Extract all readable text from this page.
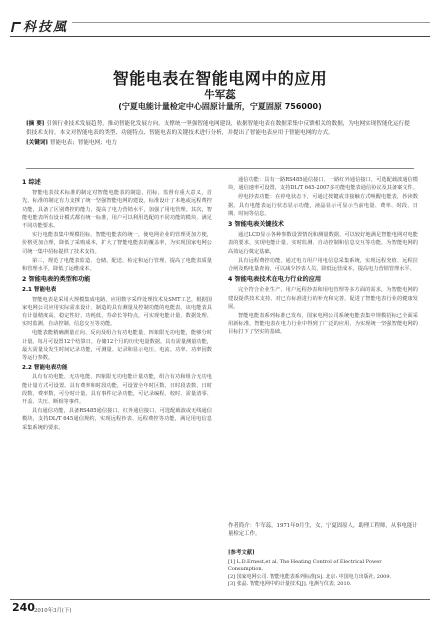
科技風
智能电表在智能电网中的应用
牛军蕊
(宁夏电能计量检定中心固原计量所，宁夏固原 756000)
[摘 要] 引领行业技术发展趋势，推动智能化发展方向，支撑统一坚强智能电网建设，依据智能电表在数据采集中反馈相关的数据，为电网实现智能化运行提供技术支持。本文对智能电表的类型、功能特点、智能电表的关键技术进行分析，并提出了智能电表应用于智能电网的方式。
[关键词] 智能电表；智能电网；电力
1 综述
智能电表技术标准的制定对智能电能表的制造、招标、监督有重大意义，首先，标准的制定有力支撑了统一坚强智能电网的建设。标准设计了本地或远程费控功能，具备了区别费控的能力，提高了电力营销水平，加强了用电管理。其次，智能电能表所有设计模式都有统一标准，用户可以利用选配的不同功能的模块，满足不同功能要求。
实行电能表集中规模招标，智能电能表的统一，使电网企业的管理更加方便，价格更加合理，降低了采购成本，扩大了智能电能表的覆盖率，为实现国家电网公司统一集中招标提供了技术支持。
第三，规范了电能表监造、仓储、配送、检定和运行管理，提高了电能表质量和管理水平，降低了运维成本。
2 智能电表的类型和功能
2.1 智能电表
智能电表是采用大规模集成电路，应用数字采样处理技术及SMT工艺，根据国家电网公司应用实际需求设计、制造的具有测量及控制功能的电能表。该电能表具有计量精度高、稳定性好、功耗低、寿命长等特点，可实现电能计量、数据处理、实时监测、自动控制、信息交互等功能。
电能表能精确测量正向、反向及组合有功电能量，四象限无功电能，能够分时计量。每月可设置12个结算日，存储12个月的历史电量数据。具有需量测量功能，最大需量及发生时间记录功能，可测量、记录和显示电压、电流、功率、功率因数等运行参数。
2.2 智能电表功能
具有有功电能、无功电能、四象限无功电能计量功能，组合有功和组合无功电能计量方式可设置。具有费率和时段功能，可设置全年时区数、日时段表数、日时段数、费率数，可分时计量。具有事件记录功能，可记录编程、校时、需量清零、开盖、失压、断相等事件。
具有通信功能，具备RS485通信接口、红外通信接口，可选配载波或无线通信模块，支持DL/T 645通信规约，实现远程抄表、远程费控等功能，满足用电信息采集系统的要求。
通信功能：具有一路RS485通信接口、一路红外通信接口，可选配载波通信模块，通信速率可设置，支持DL/T 645-2007多功能电能表通信协议及其备案文件。
停电抄表功能：在停电状态下，可通过按键或非接触方式唤醒电能表，抄读数据。具有电能表运行状态显示功能，液晶显示可显示当前电量、费率、时段、日期、时间等信息。
3 智能电表关键技术
通过LCD显示各种参数设置情况和测量数据，可以较好地满足智能电网对电能表的要求，实现电能计量、实时监测、自动控制和信息交互等功能，为智能电网的高效运行奠定基础。
具有远程费控功能，通过电力用户用电信息采集系统，实现远程充值、远程拉合闸及购电量查询，可以减少抄表人员，降低运营成本，提高电力营销管理水平。
4 智能电表技术在电力行业的应用
完全符合企业生产、用户远程抄表和用电管理等多方面的需求，为智能电网的建设提供技术支持，对已有标准进行的补充和完善，促进了智能电表行业的健康发展。
智能电能表系列标准已发布，国家电网公司系统电能表集中规模招标已全面采用新标准，智能电表在电力行业中得到了广泛的应用，为实现统一坚强智能电网的目标打下了坚实的基础。
作者简介：牛军蕊，1971年9月生，女，宁夏固原人，助理工程师，从事电能计量检定工作。
[参考文献]
[1] L.D.Ernest,et al. The Heating Control of Electrical Power Consumption.
[2] 国家电网公司. 智能电能表系列标准[S]. 北京: 中国电力出版社, 2009.
[3] 张晶. 智能电网中的计量技术[J]. 电测与仪表, 2010.
240 2010年3月(下)
